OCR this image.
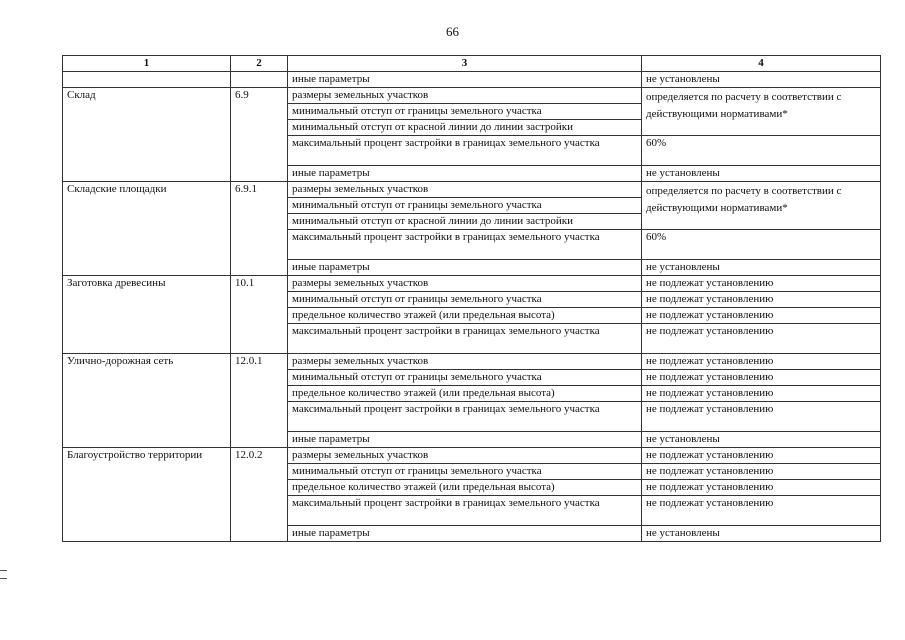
66
1	2	3	4
		иные параметры	не установлены
Склад	6.9	размеры земельных участков	определяется по расчету в соответствии с действующими нормативами*
		минимальный отступ от границы земельного участка	
		минимальный отступ от красной линии до линии застройки	
		максимальный процент застройки в границах земельного участка	60%
		иные параметры	не установлены
Складские площадки	6.9.1	размеры земельных участков	определяется по расчету в соответствии с действующими нормативами*
		минимальный отступ от границы земельного участка	
		минимальный отступ от красной линии до линии застройки	
		максимальный процент застройки в границах земельного участка	60%
		иные параметры	не установлены
Заготовка древесины	10.1	размеры земельных участков	не подлежат установлению
		минимальный отступ от границы земельного участка	не подлежат установлению
		предельное количество этажей (или предельная высота)	не подлежат установлению
		максимальный процент застройки в границах земельного участка	не подлежат установлению
Улично-дорожная сеть	12.0.1	размеры земельных участков	не подлежат установлению
		минимальный отступ от границы земельного участка	не подлежат установлению
		предельное количество этажей (или предельная высота)	не подлежат установлению
		максимальный процент застройки в границах земельного участка	не подлежат установлению
		иные параметры	не установлены
Благоустройство территории	12.0.2	размеры земельных участков	не подлежат установлению
		минимальный отступ от границы земельного участка	не подлежат установлению
		предельное количество этажей (или предельная высота)	не подлежат установлению
		максимальный процент застройки в границах земельного участка	не подлежат установлению
		иные параметры	не установлены
